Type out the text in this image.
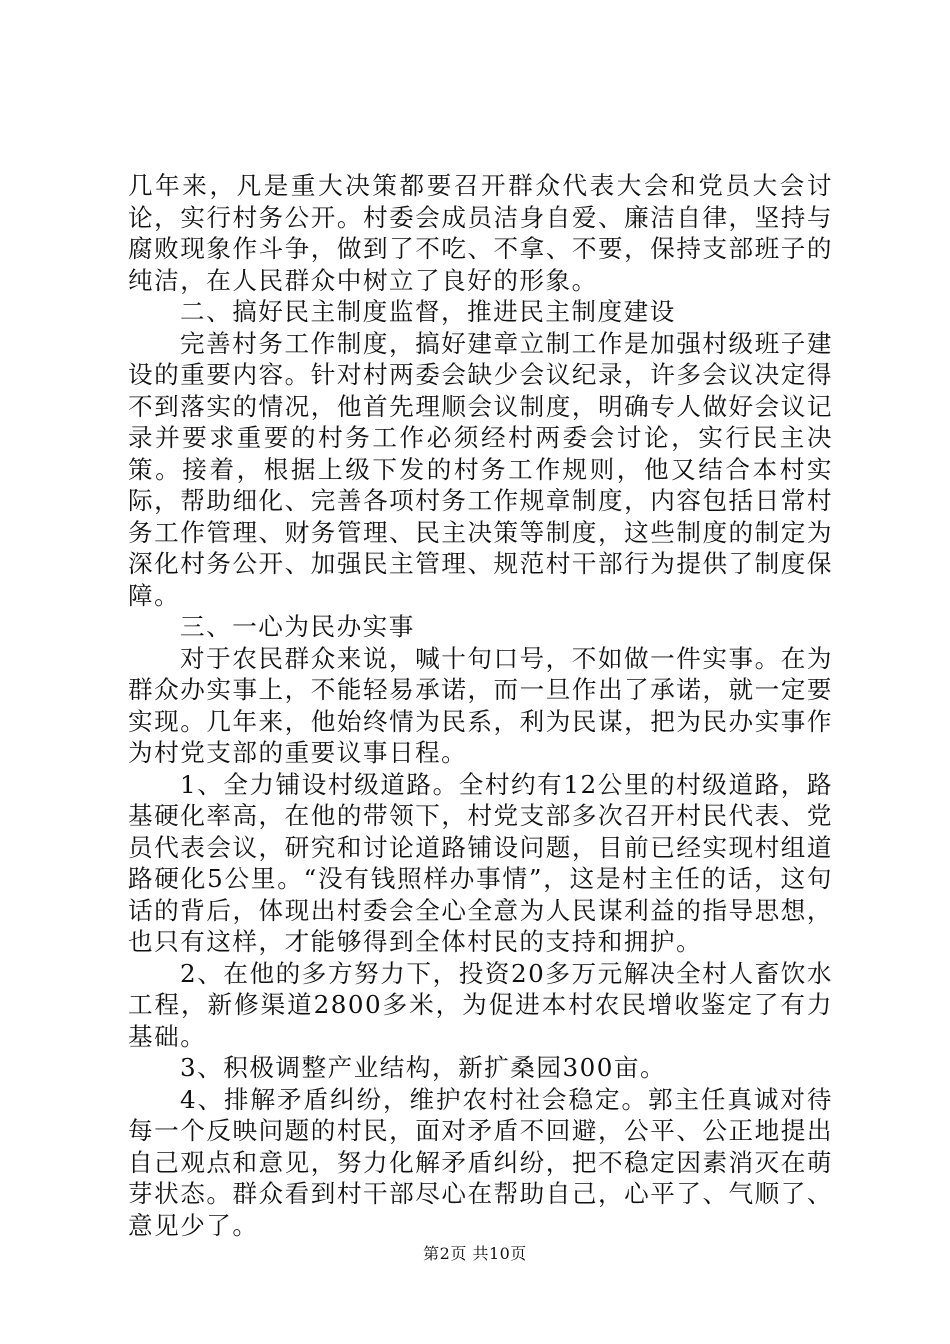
几年来，凡是重大决策都要召开群众代表大会和党员大会讨论，实行村务公开。村委会成员洁身自爱、廉洁自律，坚持与腐败现象作斗争，做到了不吃、不拿、不要，保持支部班子的纯洁，在人民群众中树立了良好的形象。

二、搞好民主制度监督，推进民主制度建设

完善村务工作制度，搞好建章立制工作是加强村级班子建设的重要内容。针对村两委会缺少会议纪录，许多会议决定得不到落实的情况，他首先理顺会议制度，明确专人做好会议记录并要求重要的村务工作必须经村两委会讨论，实行民主决策。接着，根据上级下发的村务工作规则，他又结合本村实际，帮助细化、完善各项村务工作规章制度，内容包括日常村务工作管理、财务管理、民主决策等制度，这些制度的制定为深化村务公开、加强民主管理、规范村干部行为提供了制度保障。

三、一心为民办实事

对于农民群众来说，喊十句口号，不如做一件实事。在为群众办实事上，不能轻易承诺，而一旦作出了承诺，就一定要实现。几年来，他始终情为民系，利为民谋，把为民办实事作为村党支部的重要议事日程。

1、全力铺设村级道路。全村约有12公里的村级道路，路基硬化率高，在他的带领下，村党支部多次召开村民代表、党员代表会议，研究和讨论道路铺设问题，目前已经实现村组道路硬化5公里。“没有钱照样办事情”，这是村主任的话，这句话的背后，体现出村委会全心全意为人民谋利益的指导思想，也只有这样，才能够得到全体村民的支持和拥护。

2、在他的多方努力下，投资20多万元解决全村人畜饮水工程，新修渠道2800多米，为促进本村农民增收鉴定了有力基础。

3、积极调整产业结构，新扩桑园300亩。

4、排解矛盾纠纷，维护农村社会稳定。郭主任真诚对待每一个反映问题的村民，面对矛盾不回避，公平、公正地提出自己观点和意见，努力化解矛盾纠纷，把不稳定因素消灭在萌芽状态。群众看到村干部尽心在帮助自己，心平了、气顺了、意见少了。

第2页 共10页
